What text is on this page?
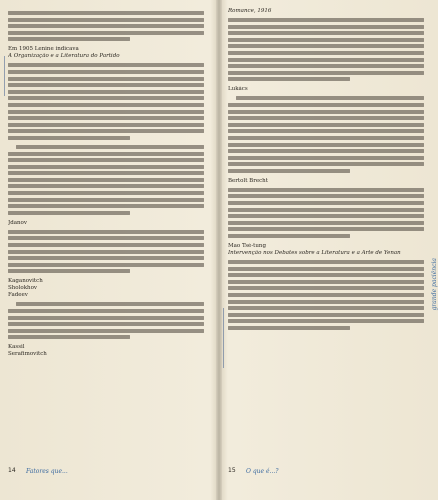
Em 1905 Lenine indicava
A Organização e a Literatura do Partido
Jdanov
Kaganovitch
Sholokhov
Fadeev
Kassil
Serafimovitch
14 Fatores que...
Romance, 1916
Lukács
Bertolt Brecht
Mao Tsé-tung
Intervenção nos Debates sobre a Literatura e a Arte de Yenan
grande paciência
15 O que é...?
